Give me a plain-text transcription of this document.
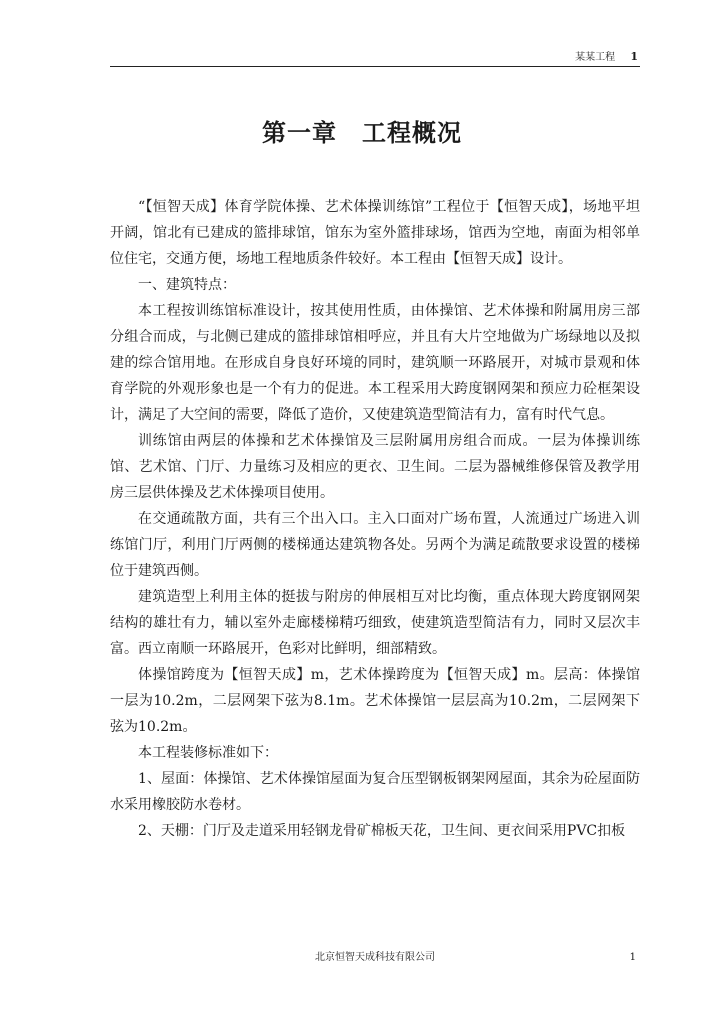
某某工程 1
第一章　工程概况

“【恒智天成】体育学院体操、艺术体操训练馆”工程位于【恒智天成】，场地平坦开阔，馆北有已建成的篮排球馆，馆东为室外篮排球场，馆西为空地，南面为相邻单位住宅，交通方便，场地工程地质条件较好。本工程由【恒智天成】设计。

一、建筑特点：

本工程按训练馆标准设计，按其使用性质，由体操馆、艺术体操和附属用房三部分组合而成，与北侧已建成的篮排球馆相呼应，并且有大片空地做为广场绿地以及拟建的综合馆用地。在形成自身良好环境的同时，建筑顺一环路展开，对城市景观和体育学院的外观形象也是一个有力的促进。本工程采用大跨度钢网架和预应力砼框架设计，满足了大空间的需要，降低了造价，又使建筑造型简洁有力，富有时代气息。

训练馆由两层的体操和艺术体操馆及三层附属用房组合而成。一层为体操训练馆、艺术馆、门厅、力量练习及相应的更衣、卫生间。二层为器械维修保管及教学用房三层供体操及艺术体操项目使用。

在交通疏散方面，共有三个出入口。主入口面对广场布置，人流通过广场进入训练馆门厅，利用门厅两侧的楼梯通达建筑物各处。另两个为满足疏散要求设置的楼梯位于建筑西侧。

建筑造型上利用主体的挺拔与附房的伸展相互对比均衡，重点体现大跨度钢网架结构的雄壮有力，辅以室外走廊楼梯精巧细致，使建筑造型简洁有力，同时又层次丰富。西立南顺一环路展开，色彩对比鲜明，细部精致。

体操馆跨度为【恒智天成】m，艺术体操跨度为【恒智天成】m。层高：体操馆一层为10.2m，二层网架下弦为8.1m。艺术体操馆一层层高为10.2m，二层网架下弦为10.2m。

本工程装修标准如下：

1、屋面：体操馆、艺术体操馆屋面为复合压型钢板钢架网屋面，其余为砼屋面防水采用橡胶防水卷材。

2、天棚：门厅及走道采用轻钢龙骨矿棉板天花，卫生间、更衣间采用PVC扣板

北京恒智天成科技有限公司	1
